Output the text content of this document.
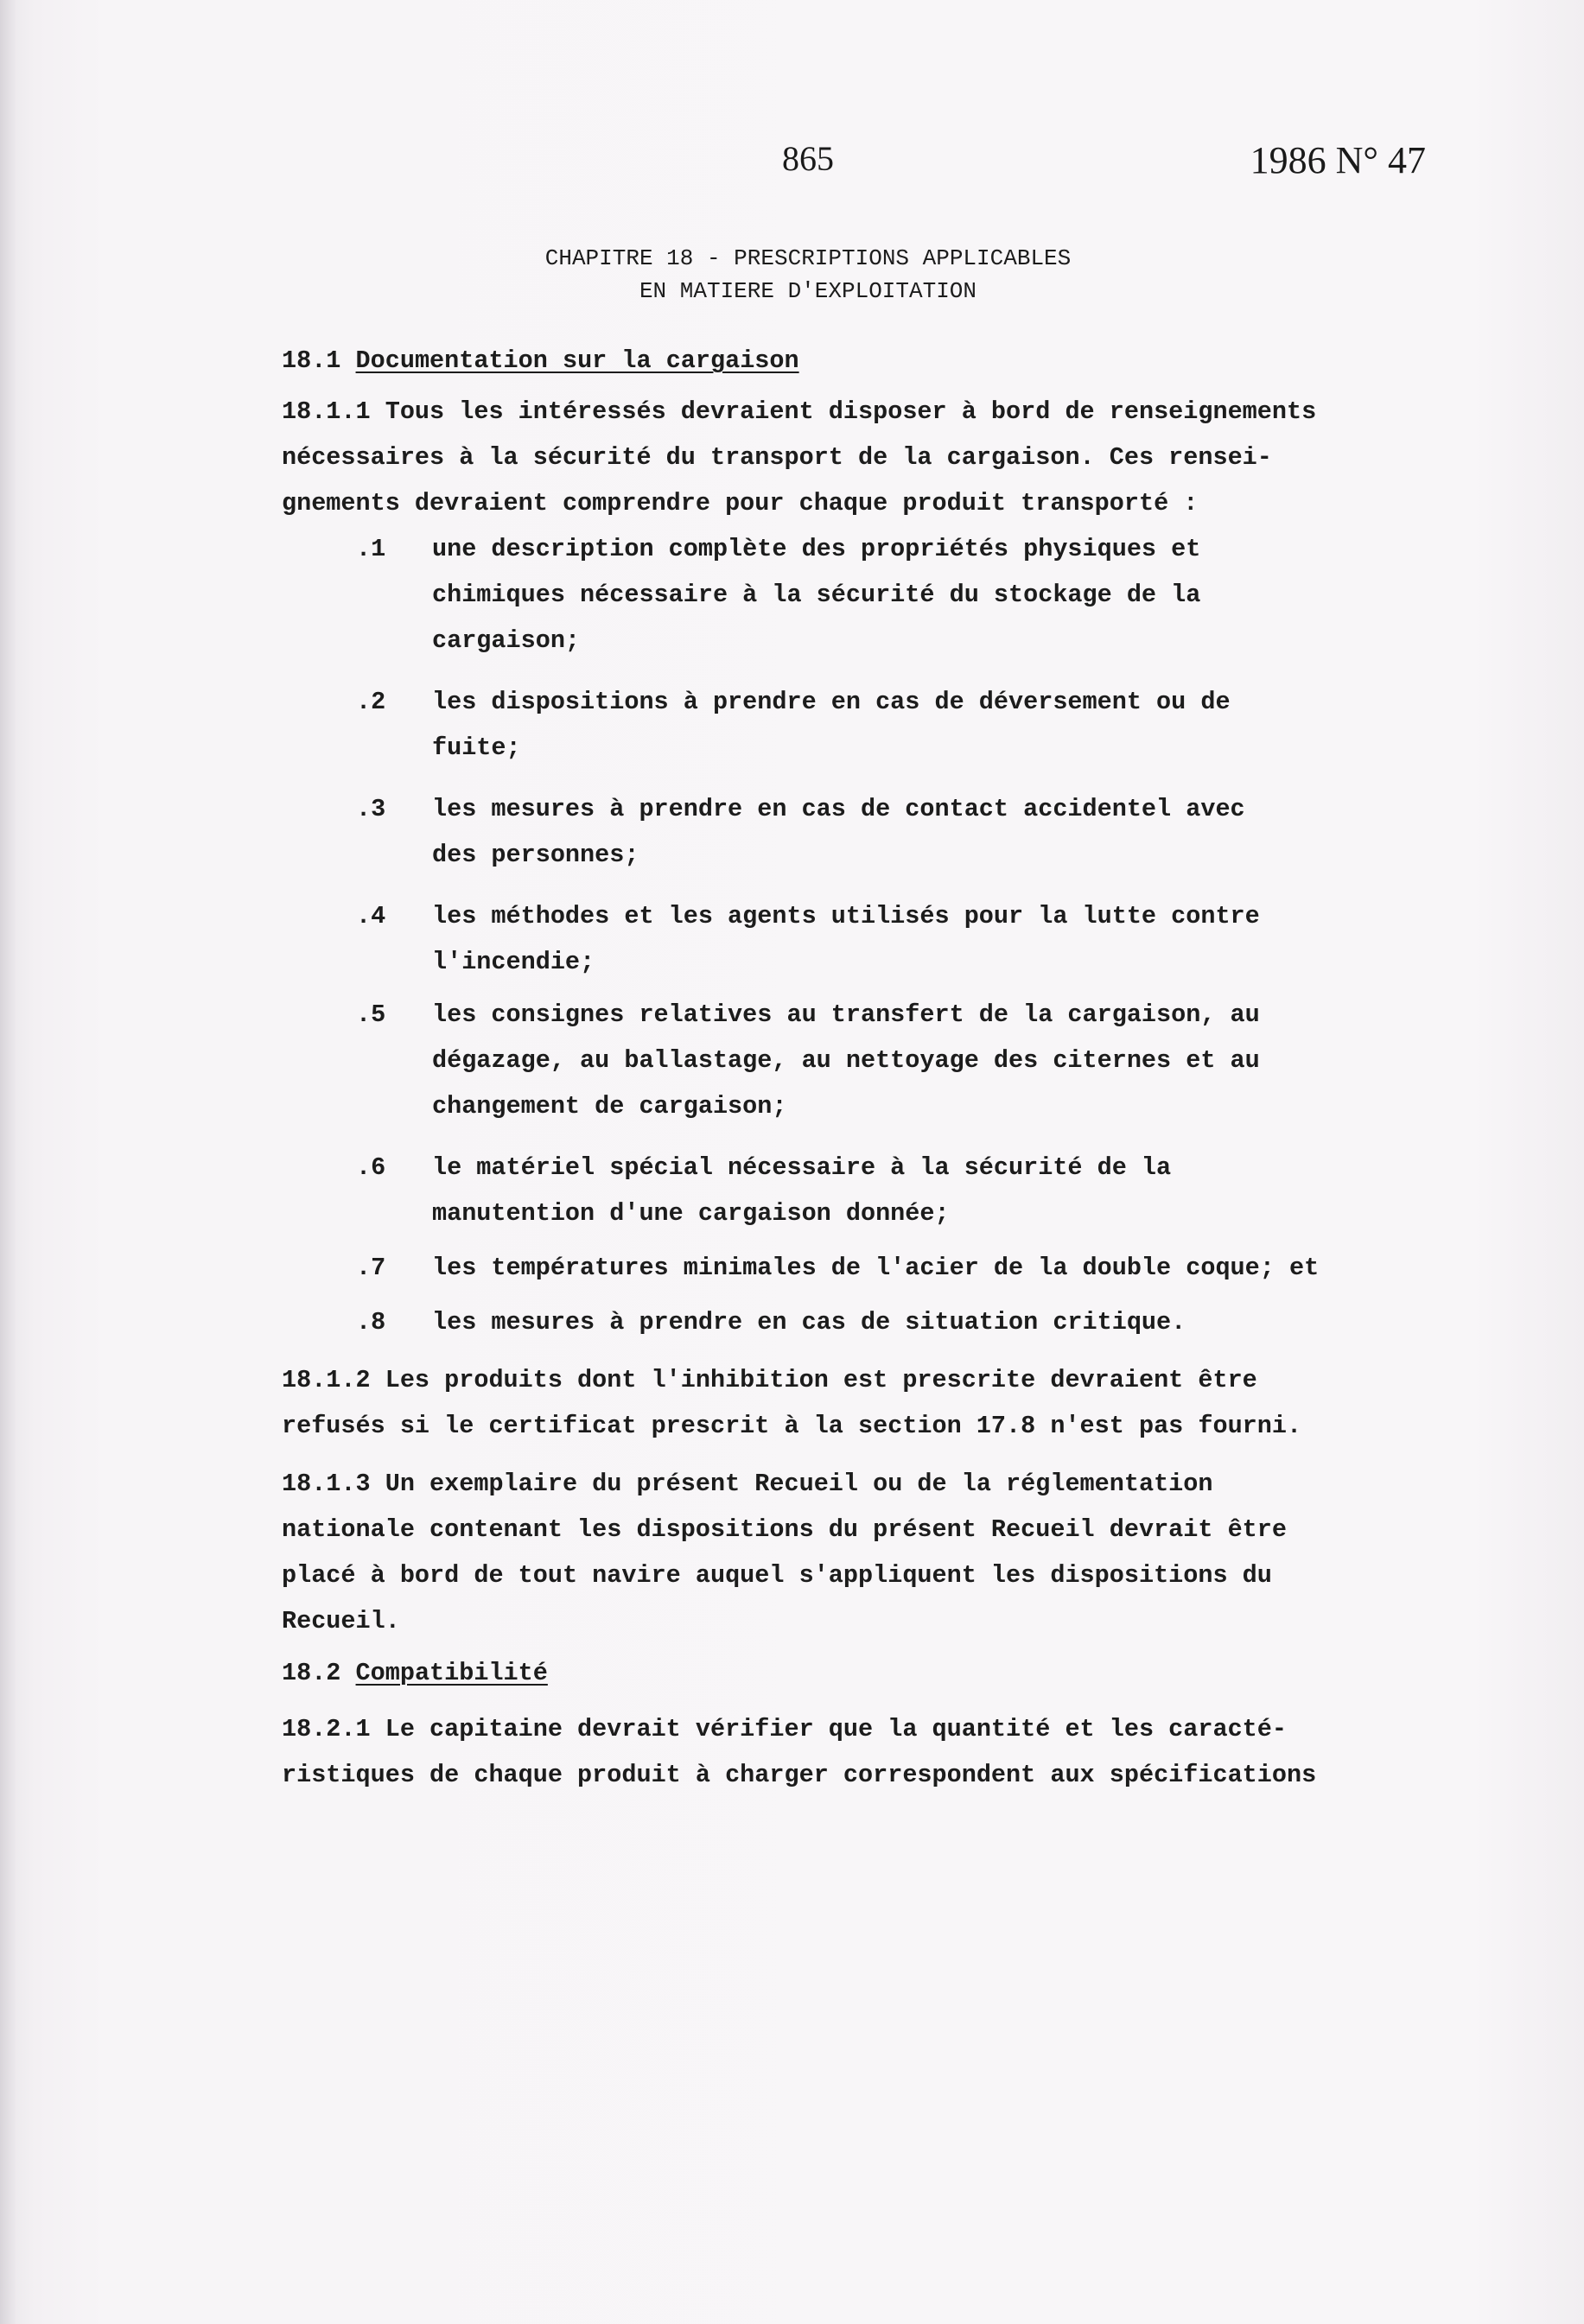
865	1986 N° 47
CHAPITRE 18 - PRESCRIPTIONS APPLICABLES
EN MATIERE D'EXPLOITATION

18.1 Documentation sur la cargaison

18.1.1 Tous les intéressés devraient disposer à bord de renseignements

nécessaires à la sécurité du transport de la cargaison. Ces rensei-

gnements devraient comprendre pour chaque produit transporté :

.1 une description complète des propriétés physiques et
chimiques nécessaire à la sécurité du stockage de la
cargaison;
.2 les dispositions à prendre en cas de déversement ou de
fuite;
.3 les mesures à prendre en cas de contact accidentel avec
des personnes;
.4 les méthodes et les agents utilisés pour la lutte contre
l'incendie;
.5 les consignes relatives au transfert de la cargaison, au
dégazage, au ballastage, au nettoyage des citernes et au
changement de cargaison;
.6 le matériel spécial nécessaire à la sécurité de la
manutention d'une cargaison donnée;
.7 les températures minimales de l'acier de la double coque; et
.8 les mesures à prendre en cas de situation critique.

18.1.2 Les produits dont l'inhibition est prescrite devraient être

refusés si le certificat prescrit à la section 17.8 n'est pas fourni.

18.1.3 Un exemplaire du présent Recueil ou de la réglementation

nationale contenant les dispositions du présent Recueil devrait être

placé à bord de tout navire auquel s'appliquent les dispositions du

Recueil.

18.2 Compatibilité

18.2.1 Le capitaine devrait vérifier que la quantité et les caracté-

ristiques de chaque produit à charger correspondent aux spécifications
